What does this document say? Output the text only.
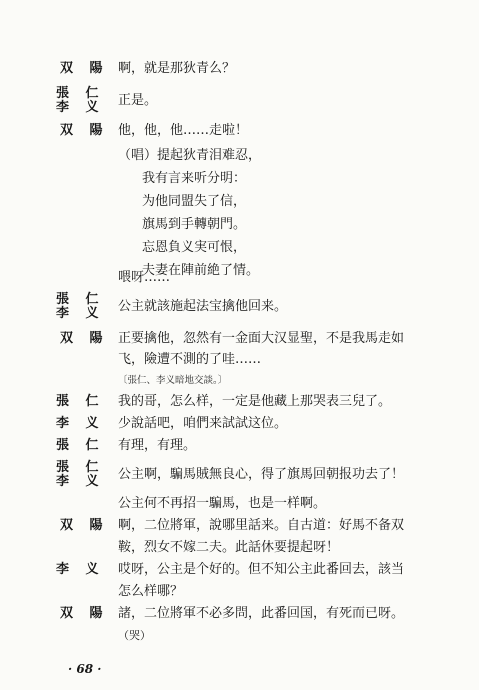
双 陽
張 仁
李 义
双 陽
張 仁
李 义
双 陽
張 仁
李 义
張 仁
張 仁
李 义
双 陽
李 义
双 陽
啊，就是那狄青么？
正是。
他，他，他……走啦！
（唱）提起狄青泪难忍，
我有言来听分明：
为他同盟失了信，
旗馬到手轉朝門。
忘恩負义実可恨，
夫妻在陣前絶了情。
喂呀……
公主就該施起法宝擒他回来。
正要擒他，忽然有一金面大汉显聖，不是我馬走如
飞，險遭不測的了哇……
〔張仁、李义暗地交談。〕
我的哥，怎么样，一定是他藏上那哭表三兒了。
少說話吧，咱們来試試这位。
有理，有理。
公主啊，騙馬賊無良心，得了旗馬回朝报功去了！
公主何不再招一騙馬，也是一样啊。
啊，二位將軍，說哪里話来。自古道：好馬不备双
鞍，烈女不嫁二夫。此話休要提起呀！
哎呀，公主是个好的。但不知公主此番回去，該当
怎么样哪？
諸，二位將軍不必多問，此番回国，有死而已呀。
（哭）
· 68 ·
